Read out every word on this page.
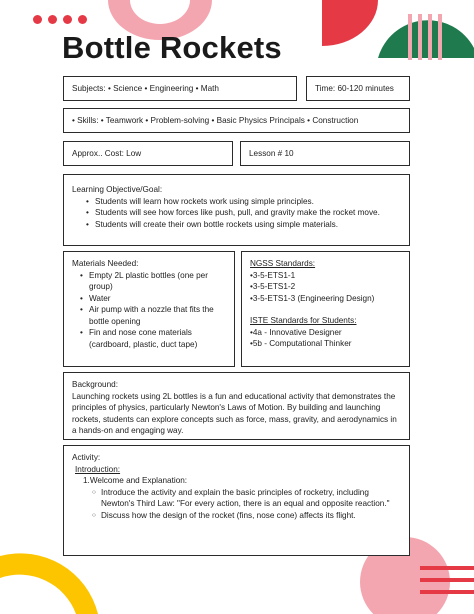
Bottle Rockets
Subjects: • Science • Engineering • Math	Time: 60-120 minutes
• Skills: • Teamwork • Problem-solving • Basic Physics Principals • Construction
Approx.. Cost: Low	Lesson # 10
Learning Objective/Goal:
• Students will learn how rockets work using simple principles.
• Students will see how forces like push, pull, and gravity make the rocket move.
• Students will create their own bottle rockets using simple materials.
Materials Needed:
• Empty 2L plastic bottles (one per group)
• Water
• Air pump with a nozzle that fits the bottle opening
• Fin and nose cone materials (cardboard, plastic, duct tape)
NGSS Standards:
•3-5-ETS1-1
•3-5-ETS1-2
•3-5-ETS1-3 (Engineering Design)
ISTE Standards for Students:
•4a - Innovative Designer
•5b - Computational Thinker
Background:
Launching rockets using 2L bottles is a fun and educational activity that demonstrates the principles of physics, particularly Newton's Laws of Motion. By building and launching rockets, students can explore concepts such as force, mass, gravity, and aerodynamics in a hands-on and engaging way.
Activity:
Introduction:
1.Welcome and Explanation:
○ Introduce the activity and explain the basic principles of rocketry, including Newton's Third Law: "For every action, there is an equal and opposite reaction."
○ Discuss how the design of the rocket (fins, nose cone) affects its flight.
